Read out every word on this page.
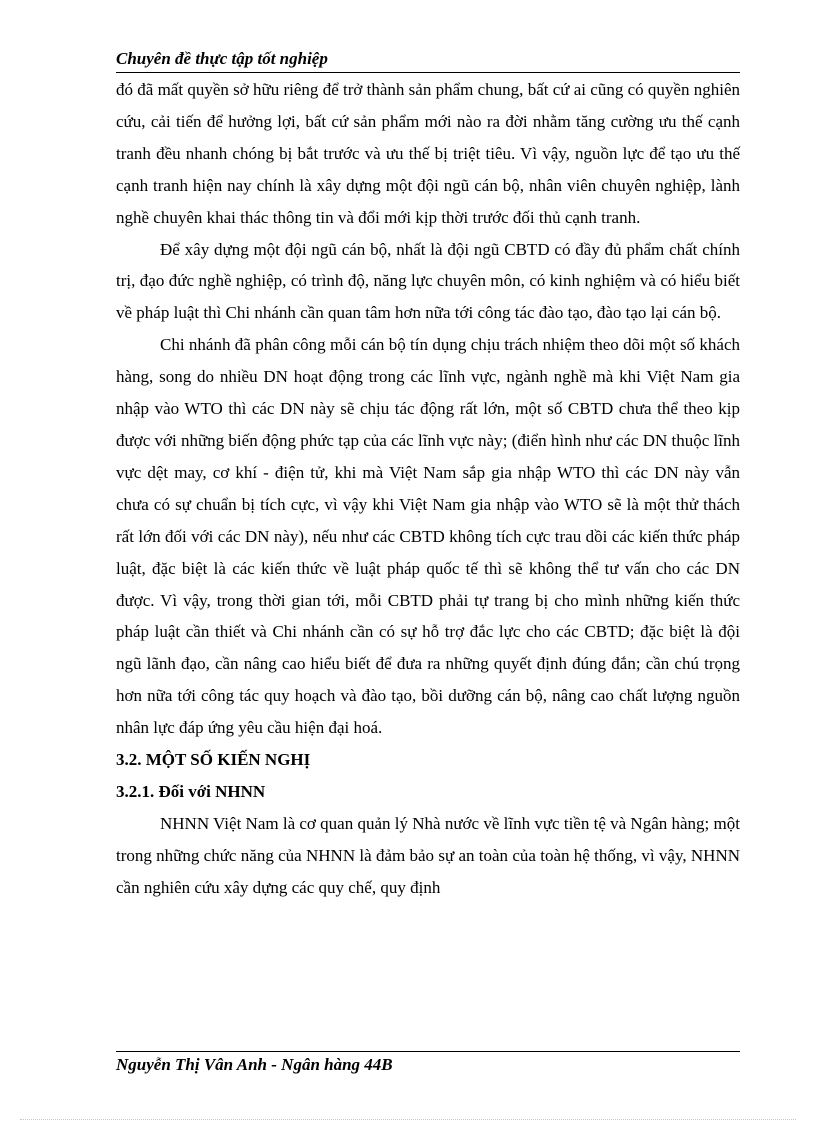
Chuyên đề thực tập tốt nghiệp

đó đã mất quyền sở hữu riêng để trở thành sản phẩm chung, bất cứ ai cũng có quyền nghiên cứu, cải tiến để hưởng lợi, bất cứ sản phẩm mới nào ra đời nhằm tăng cường ưu thế cạnh tranh đều nhanh chóng bị bắt trước và ưu thế bị triệt tiêu. Vì vậy, nguồn lực để tạo ưu thế cạnh tranh hiện nay chính là xây dựng một đội ngũ cán bộ, nhân viên chuyên nghiệp, lành nghề chuyên khai thác thông tin và đổi mới kịp thời trước đối thủ cạnh tranh.

Để xây dựng một đội ngũ cán bộ, nhất là đội ngũ CBTD có đầy đủ phẩm chất chính trị, đạo đức nghề nghiệp, có trình độ, năng lực chuyên môn, có kinh nghiệm và có hiểu biết về pháp luật thì Chi nhánh cần quan tâm hơn nữa tới công tác đào tạo, đào tạo lại cán bộ.

Chi nhánh đã phân công mỗi cán bộ tín dụng chịu trách nhiệm theo dõi một số khách hàng, song do nhiều DN hoạt động trong các lĩnh vực, ngành nghề mà khi Việt Nam gia nhập vào WTO thì các DN này sẽ chịu tác động rất lớn, một số CBTD chưa thể theo kịp được với những biến động phức tạp của các lĩnh vực này; (điển hình như các DN thuộc lĩnh vực dệt may, cơ khí - điện tử, khi mà Việt Nam sắp gia nhập WTO thì các DN này vẫn chưa có sự chuẩn bị tích cực, vì vậy khi Việt Nam gia nhập vào WTO sẽ là một thử thách rất lớn đối với các DN này), nếu như các CBTD không tích cực trau dồi các kiến thức pháp luật, đặc biệt là các kiến thức về luật pháp quốc tế thì sẽ không thể tư vấn cho các DN được. Vì vậy, trong thời gian tới, mỗi CBTD phải tự trang bị cho mình những kiến thức pháp luật cần thiết và Chi nhánh cần có sự hỗ trợ đắc lực cho các CBTD; đặc biệt là đội ngũ lãnh đạo, cần nâng cao hiểu biết để đưa ra những quyết định đúng đắn; cần chú trọng hơn nữa tới công tác quy hoạch và đào tạo, bồi dưỡng cán bộ, nâng cao chất lượng nguồn nhân lực đáp ứng yêu cầu hiện đại hoá.

3.2. MỘT SỐ KIẾN NGHỊ
3.2.1. Đối với NHNN

NHNN Việt Nam là cơ quan quản lý Nhà nước về lĩnh vực tiền tệ và Ngân hàng; một trong những chức năng của NHNN là đảm bảo sự an toàn của toàn hệ thống, vì vậy, NHNN cần nghiên cứu xây dựng các quy chế, quy định

Nguyễn Thị Vân Anh - Ngân hàng 44B
